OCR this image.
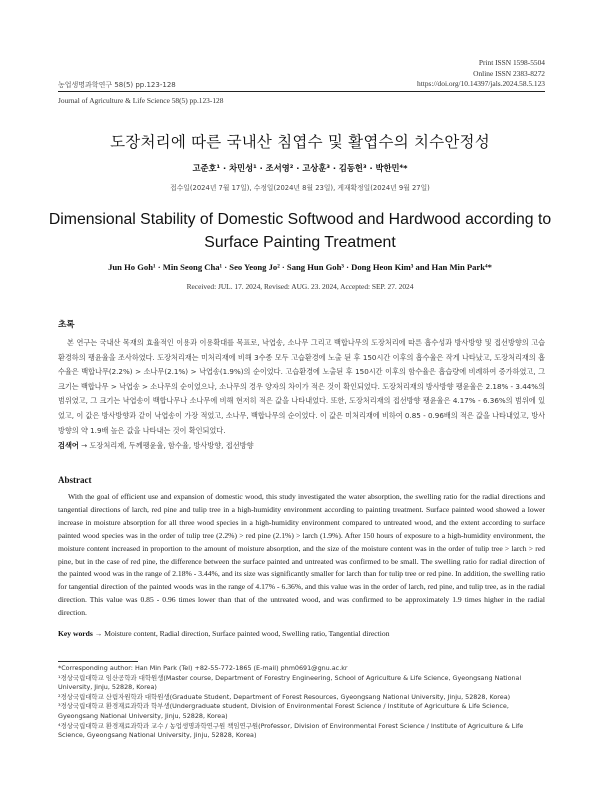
Print ISSN 1598-5504
Online ISSN 2383-8272
https://doi.org/10.14397/jals.2024.58.5.123
농업생명과학연구 58(5) pp.123-128
Journal of Agriculture & Life Science 58(5) pp.123-128
도장처리에 따른 국내산 침엽수 및 활엽수의 치수안정성
고준호¹ · 차민성¹ · 조서영² · 고상훈³ · 김동헌³ · 박한민⁴*
접수일(2024년 7월 17일), 수정일(2024년 8월 23일), 게재확정일(2024년 9월 27일)
Dimensional Stability of Domestic Softwood and Hardwood according to Surface Painting Treatment
Jun Ho Goh¹ · Min Seong Cha¹ · Seo Yeong Jo² · Sang Hun Goh³ · Dong Heon Kim³ and Han Min Park⁴*
Received: JUL. 17. 2024, Revised: AUG. 23. 2024, Accepted: SEP. 27. 2024
초록
본 연구는 국내산 목재의 효율적인 이용과 이용확대를 목표로, 낙엽송, 소나무 그리고 백합나무의 도장처리에 따른 흡수성과 방사방향 및 접선방향의 고습환경하의 팽윤율을 조사하였다. 도장처리재는 미처리재에 비해 3수종 모두 고습환경에 노출 된 후 150시간 이후의 흡수율은 작게 나타났고, 도장처리재의 흡수율은 백합나무(2.2%) > 소나무(2.1%) > 낙엽송(1.9%)의 순이었다. 고습환경에 노출된 후 150시간 이후의 함수율은 흡습량에 비례하여 증가하였고, 그 크기는 백합나무 > 낙엽송 > 소나무의 순이었으나, 소나무의 경우 양자의 차이가 적은 것이 확인되었다. 도장처리재의 방사방향 팽윤율은 2.18% - 3.44%의 범위였고, 그 크기는 낙엽송이 백합나무나 소나무에 비해 현저히 적은 값을 나타내었다. 또한, 도장처리재의 접선방향 팽윤율은 4.17% - 6.36%의 범위에 있었고, 이 값은 방사방향과 같이 낙엽송이 가장 적었고, 소나무, 백합나무의 순이었다. 이 값은 미처리재에 비하여 0.85 - 0.96배의 적은 값을 나타내었고, 방사방향의 약 1.9배 높은 값을 나타내는 것이 확인되었다.
검색어 → 도장처리재, 두께팽윤율, 함수율, 방사방향, 접선방향
Abstract
With the goal of efficient use and expansion of domestic wood, this study investigated the water absorption, the swelling ratio for the radial directions and tangential directions of larch, red pine and tulip tree in a high-humidity environment according to painting treatment. Surface painted wood showed a lower increase in moisture absorption for all three wood species in a high-humidity environment compared to untreated wood, and the extent according to surface painted wood species was in the order of tulip tree (2.2%) > red pine (2.1%) > larch (1.9%). After 150 hours of exposure to a high-humidity environment, the moisture content increased in proportion to the amount of moisture absorption, and the size of the moisture content was in the order of tulip tree > larch > red pine, but in the case of red pine, the difference between the surface painted and untreated was confirmed to be small. The swelling ratio for radial direction of the painted wood was in the range of 2.18% - 3.44%, and its size was significantly smaller for larch than for tulip tree or red pine. In addition, the swelling ratio for tangential direction of the painted woods was in the range of 4.17% - 6.36%, and this value was in the order of larch, red pine, and tulip tree, as in the radial direction. This value was 0.85 - 0.96 times lower than that of the untreated wood, and was confirmed to be approximately 1.9 times higher in the radial direction.
Key words → Moisture content, Radial direction, Surface painted wood, Swelling ratio, Tangential direction
*Corresponding author: Han Min Park (Tel) +82-55-772-1865 (E-mail) phm0691@gnu.ac.kr
¹경상국립대학교 임산공학과 대학원생(Master course, Department of Forestry Engineering, School of Agriculture & Life Science, Gyeongsang National University, Jinju, 52828, Korea)
²경상국립대학교 산림자원학과 대학원생(Graduate Student, Department of Forest Resources, Gyeongsang National University, Jinju, 52828, Korea)
³경상국립대학교 환경재료과학과 학부생(Undergraduate student, Division of Environmental Forest Science / Institute of Agriculture & Life Science, Gyeongsang National University, Jinju, 52828, Korea)
⁴경상국립대학교 환경재료과학과 교수 / 농업생명과학연구원 책임연구원(Professor, Division of Environmental Forest Science / Institute of Agriculture & Life Science, Gyeongsang National University, Jinju, 52828, Korea)
